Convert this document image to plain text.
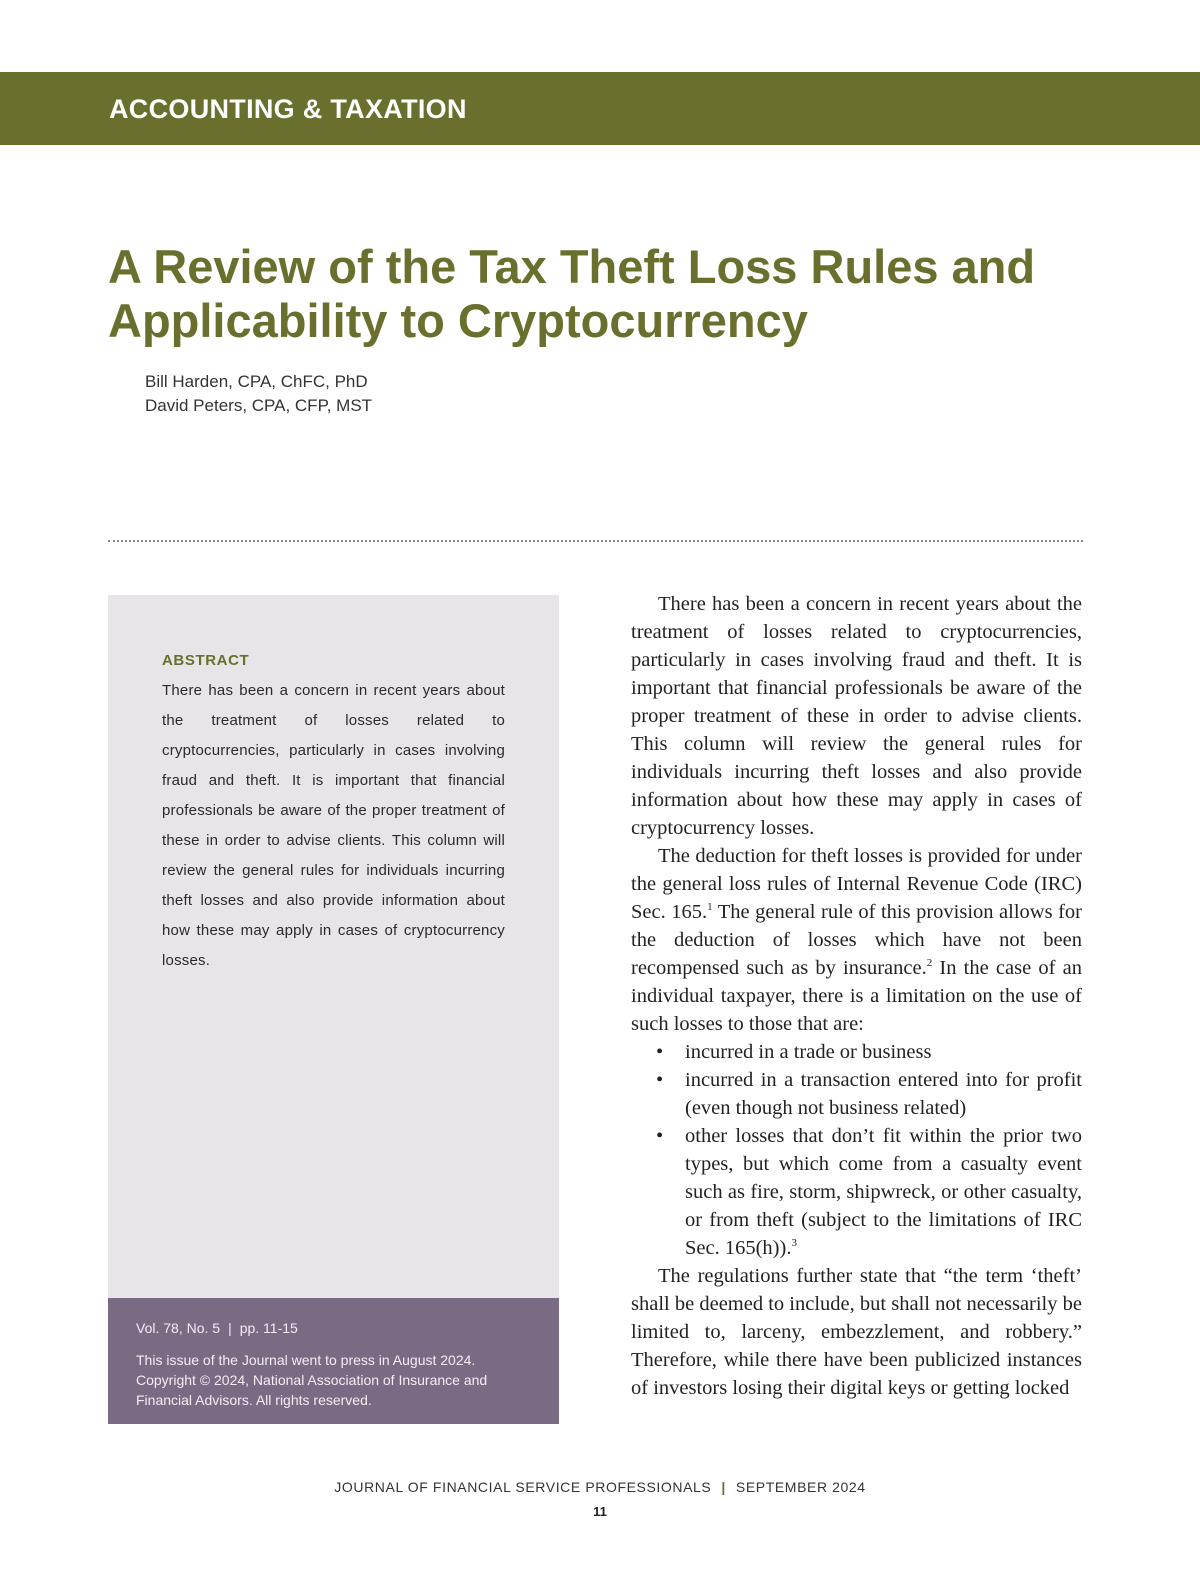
ACCOUNTING & TAXATION
A Review of the Tax Theft Loss Rules and
Applicability to Cryptocurrency
Bill Harden, CPA, ChFC, PhD
David Peters, CPA, CFP, MST
ABSTRACT
There has been a concern in recent years about the treatment of losses related to cryptocurrencies, particularly in cases involving fraud and theft. It is important that financial professionals be aware of the proper treatment of these in order to advise clients. This column will review the general rules for individuals incurring theft losses and also provide information about how these may apply in cases of cryptocurrency losses.
Vol. 78, No. 5 | pp. 11-15
This issue of the Journal went to press in August 2024. Copyright © 2024, National Association of Insurance and Financial Advisors. All rights reserved.

There has been a concern in recent years about the treatment of losses related to cryptocurrencies, particularly in cases involving fraud and theft. It is important that financial professionals be aware of the proper treatment of these in order to advise clients. This column will review the general rules for individuals incurring theft losses and also provide information about how these may apply in cases of cryptocurrency losses.

The deduction for theft losses is provided for under the general loss rules of Internal Revenue Code (IRC) Sec. 165.$^1$ The general rule of this provision allows for the deduction of losses which have not been recompensed such as by insurance.$^2$ In the case of an individual taxpayer, there is a limitation on the use of such losses to those that are:

• incurred in a trade or business
• incurred in a transaction entered into for profit (even though not business related)
• other losses that don’t fit within the prior two types, but which come from a casualty event such as fire, storm, shipwreck, or other casualty, or from theft (subject to the limitations of IRC Sec. 165(h)).$^3$

The regulations further state that “the term ‘theft’ shall be deemed to include, but shall not necessarily be limited to, larceny, embezzlement, and robbery.” Therefore, while there have been publicized instances of investors losing their digital keys or getting locked

JOURNAL OF FINANCIAL SERVICE PROFESSIONALS | SEPTEMBER 2024
11
